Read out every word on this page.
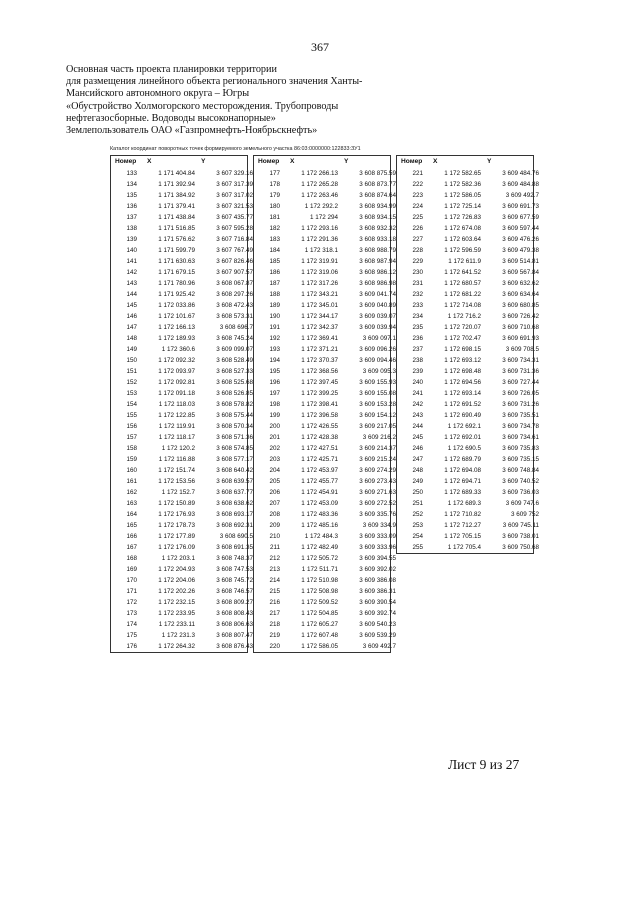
367
Основная часть проекта планировки территории
для размещения линейного объекта регионального значения Ханты-
Мансийского автономного округа – Югры
«Обустройство Холмогорского месторождения. Трубопроводы
нефтегазосборные. Водоводы высоконапорные»
Землепользователь ОАО «Газпромнефть-Ноябрьскнефть»
Каталог координат поворотных точек формируемого земельного участка 86:03:0000000:122833:ЗУ1
Номер X	Y
133	1 171 404.84	3 607 329.16
134	1 171 392.94	3 607 317.39
135	1 171 384.92	3 607 317.02
136	1 171 379.41	3 607 321.53
137	1 171 438.84	3 607 435.77
138	1 171 516.85	3 607 595.28
139	1 171 576.62	3 607 716.84
140	1 171 599.79	3 607 767.49
141	1 171 630.63	3 607 826.46
142	1 171 679.15	3 607 907.57
143	1 171 780.96	3 608 067.87
144	1 171 925.42	3 608 297.26
145	1 172 033.86	3 608 472.43
146	1 172 101.67	3 608 573.31
147	1 172 166.13	3 608 696.7
148	1 172 189.93	3 608 745.24
149	1 172 360.6	3 609 099.07
150	1 172 092.32	3 608 528.49
151	1 172 093.97	3 608 527.33
152	1 172 092.81	3 608 525.68
153	1 172 091.18	3 608 526.85
154	1 172 118.03	3 608 578.82
155	1 172 122.85	3 608 575.44
156	1 172 119.91	3 608 570.34
157	1 172 118.17	3 608 571.36
158	1 172 120.2	3 608 574.85
159	1 172 116.88	3 608 577.17
160	1 172 151.74	3 608 640.42
161	1 172 153.56	3 608 639.57
162	1 172 152.7	3 608 637.77
163	1 172 150.89	3 608 638.62
164	1 172 176.93	3 608 693.17
165	1 172 178.73	3 608 692.31
166	1 172 177.89	3 608 690.5
167	1 172 176.09	3 608 691.35
168	1 172 203.1	3 608 748.37
169	1 172 204.93	3 608 747.53
170	1 172 204.06	3 608 745.72
171	1 172 202.26	3 608 746.57
172	1 172 232.15	3 608 809.27
173	1 172 233.95	3 608 808.43
174	1 172 233.11	3 608 806.63
175	1 172 231.3	3 608 807.47
176	1 172 264.32	3 608 876.43
Номер X	Y
177	1 172 266.13	3 608 875.59
178	1 172 265.28	3 608 873.77
179	1 172 263.46	3 608 874.64
180	1 172 292.2	3 608 934.99
181	1 172 294	3 608 934.15
182	1 172 293.16	3 608 932.32
183	1 172 291.36	3 608 933.18
184	1 172 318.1	3 608 988.79
185	1 172 319.91	3 608 987.94
186	1 172 319.06	3 608 986.12
187	1 172 317.26	3 608 986.98
188	1 172 343.21	3 609 041.74
189	1 172 345.01	3 609 040.89
190	1 172 344.17	3 609 039.07
191	1 172 342.37	3 609 039.94
192	1 172 369.41	3 609 097.1
193	1 172 371.21	3 609 096.26
194	1 172 370.37	3 609 094.46
195	1 172 368.56	3 609 095.3
196	1 172 397.45	3 609 155.93
197	1 172 399.25	3 609 155.08
198	1 172 398.41	3 609 153.28
199	1 172 396.58	3 609 154.12
200	1 172 426.55	3 609 217.05
201	1 172 428.38	3 609 216.2
202	1 172 427.51	3 609 214.37
203	1 172 425.71	3 609 215.24
204	1 172 453.97	3 609 274.29
205	1 172 455.77	3 609 273.43
206	1 172 454.91	3 609 271.63
207	1 172 453.09	3 609 272.52
208	1 172 483.36	3 609 335.76
209	1 172 485.16	3 609 334.9
210	1 172 484.3	3 609 333.09
211	1 172 482.49	3 609 333.96
212	1 172 505.72	3 609 394.55
213	1 172 511.71	3 609 392.02
214	1 172 510.98	3 609 386.08
215	1 172 508.98	3 609 386.31
216	1 172 509.52	3 609 390.54
217	1 172 504.85	3 609 392.74
218	1 172 605.27	3 609 540.23
219	1 172 607.48	3 609 539.29
220	1 172 586.05	3 609 492.7
Номер X	Y
221	1 172 582.65	3 609 484.76
222	1 172 582.36	3 609 484.88
223	1 172 586.05	3 609 492.7
224	1 172 725.14	3 609 691.73
225	1 172 726.83	3 609 677.59
226	1 172 674.08	3 609 597.44
227	1 172 603.64	3 609 476.26
228	1 172 596.59	3 609 479.38
229	1 172 611.9	3 609 514.81
230	1 172 641.52	3 609 567.84
231	1 172 680.57	3 609 632.62
232	1 172 681.22	3 609 634.64
233	1 172 714.08	3 609 680.85
234	1 172 716.2	3 609 726.42
235	1 172 720.07	3 609 710.68
236	1 172 702.47	3 609 691.93
237	1 172 698.15	3 609 708.5
238	1 172 693.12	3 609 734.31
239	1 172 698.48	3 609 731.36
240	1 172 694.56	3 609 727.44
241	1 172 693.14	3 609 726.05
242	1 172 691.52	3 609 731.26
243	1 172 690.49	3 609 735.51
244	1 172 692.1	3 609 734.78
245	1 172 692.01	3 609 734.61
246	1 172 690.5	3 609 735.83
247	1 172 689.79	3 609 735.15
248	1 172 694.08	3 609 748.84
249	1 172 694.71	3 609 740.52
250	1 172 689.33	3 609 736.03
251	1 172 689.3	3 609 747.6
252	1 172 710.82	3 609 752
253	1 172 712.27	3 609 745.11
254	1 172 705.15	3 609 738.01
255	1 172 705.4	3 609 750.68
Лист 9 из 27
